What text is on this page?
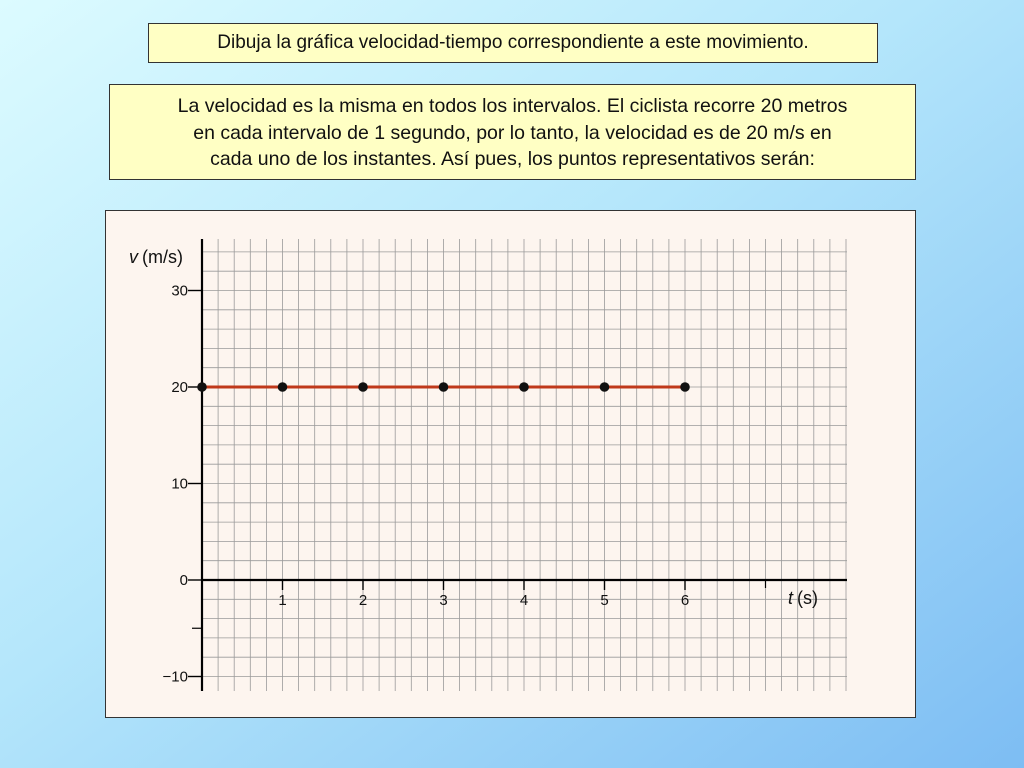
Dibuja la gráfica velocidad-tiempo correspondiente a este movimiento.
La velocidad es la misma en todos los intervalos. El ciclista recorre 20 metros
en cada intervalo de 1 segundo, por lo tanto, la velocidad es de 20 m/s en
cada uno de los instantes. Así pues, los puntos representativos serán:
−10
0
10
20
30
1	2	3	4	5	6
v (m/s)
t (s)
